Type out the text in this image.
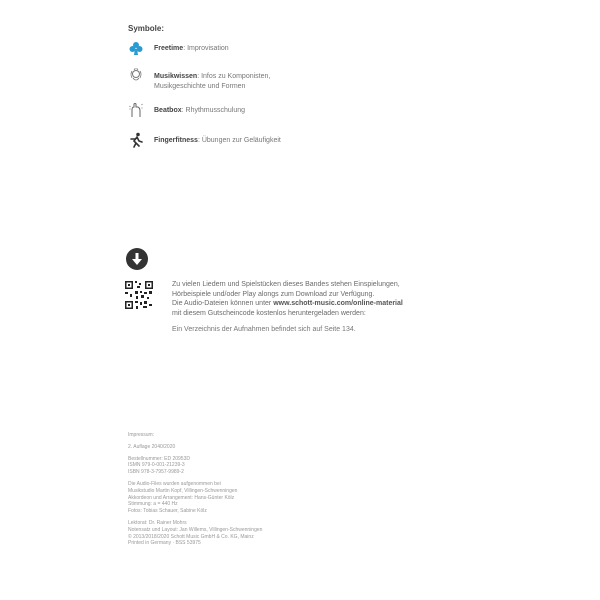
Symbole:
Freetime: Improvisation
Musikwissen: Infos zu Komponisten,
Musikgeschichte und Formen
Beatbox: Rhythmusschulung
Fingerfitness: Übungen zur Geläufigkeit
Zu vielen Liedern und Spielstücken dieses Bandes stehen Einspielungen,
Hörbeispiele und/oder Play alongs zum Download zur Verfügung.
Die Audio-Dateien können unter www.schott-music.com/online-material
mit diesem Gutscheincode kostenlos heruntergeladen werden:
Ein Verzeichnis der Aufnahmen befindet sich auf Seite 134.
Impressum:
2. Auflage 2040/2020
Bestellnummer: ED 20953D
ISMN 979-0-001-21239-3
ISBN 978-3-7957-9989-2
Die Audio-Files wurden aufgenommen bei
Musikstudio Martin Kopf, Villingen-Schwenningen
Akkordeon und Arrangement: Hans-Günter Kölz
Stimmung: a = 440 Hz
Fotos: Tobias Schauer, Sabine Kölz
Lektorat: Dr. Rainer Mohrs
Notensatz und Layout: Jan Willems, Villingen-Schwenningen
© 2013/2018/2020 Schott Music GmbH & Co. KG, Mainz
Printed in Germany · BSS 53975
